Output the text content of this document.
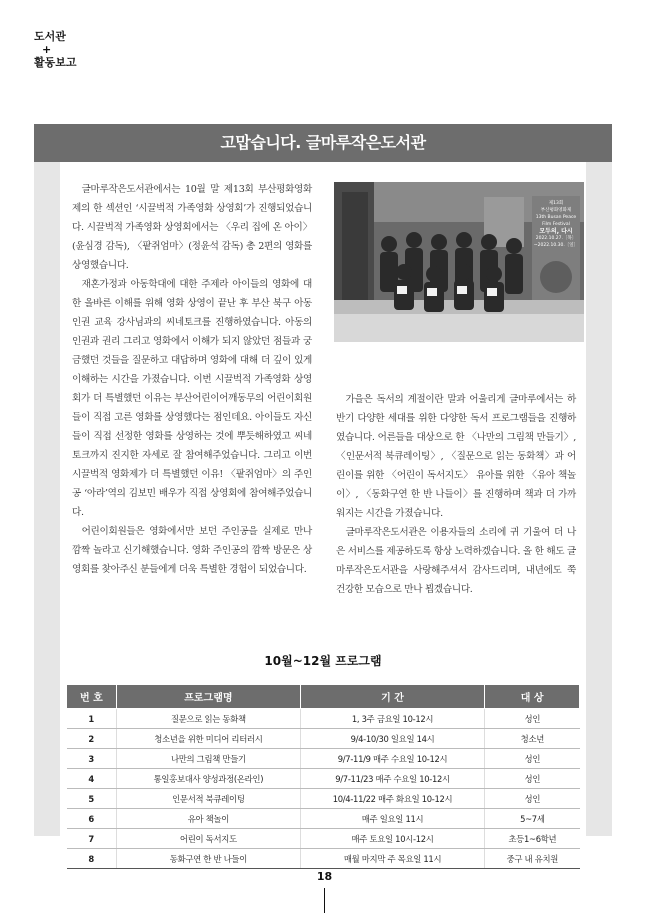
도서관
+
활동보고
고맙습니다. 글마루작은도서관

글마루작은도서관에서는 10월 말 제13회 부산평화영화제의 한 섹션인 ‘시끌벅적 가족영화 상영회’가 진행되었습니다. 시끌벅적 가족영화 상영회에서는 〈우리 집에 온 아이〉(윤심경 감독), 〈팥쥐엄마〉(정윤석 감독) 총 2편의 영화를 상영했습니다.

재혼가정과 아동학대에 대한 주제라 아이들의 영화에 대한 올바른 이해를 위해 영화 상영이 끝난 후 부산 북구 아동 인권 교육 강사님과의 씨네토크를 진행하였습니다. 아동의 인권과 권리 그리고 영화에서 이해가 되지 않았던 점들과 궁금했던 것들을 질문하고 대답하며 영화에 대해 더 깊이 있게 이해하는 시간을 가졌습니다. 이번 시끌벅적 가족영화 상영회가 더 특별했던 이유는 부산어린이어깨동무의 어린이회원들이 직접 고른 영화를 상영했다는 점인데요. 아이들도 자신들이 직접 선정한 영화를 상영하는 것에 뿌듯해하였고 씨네토크까지 진지한 자세로 잘 참여해주었습니다. 그리고 이번 시끌벅적 영화제가 더 특별했던 이유! 〈팥쥐엄마〉의 주인공 ‘아라’역의 김보민 배우가 직접 상영회에 참여해주었습니다.

어린이회원들은 영화에서만 보던 주인공을 실제로 만나 깜짝 놀라고 신기해했습니다. 영화 주인공의 깜짝 방문은 상영회를 찾아주신 분들에게 더욱 특별한 경험이 되었습니다.

제13회
부산평화영화제
13th Busan Peace
Film Festival
모두의, 다시
2022.10.27.〔목〕
~2022.10.30.〔일〕

가을은 독서의 계절이란 말과 어울리게 글마루에서는 하반기 다양한 세대를 위한 다양한 독서 프로그램들을 진행하였습니다. 어른들을 대상으로 한 〈나만의 그림책 만들기〉, 〈인문서적 북큐레이팅〉, 〈질문으로 읽는 동화책〉과 어린이를 위한 〈어린이 독서지도〉 유아를 위한 〈유아 책놀이〉, 〈동화구연 한 반 나들이〉를 진행하며 책과 더 가까워지는 시간을 가졌습니다.

글마루작은도서관은 이용자들의 소리에 귀 기울여 더 나은 서비스를 제공하도록 항상 노력하겠습니다. 올 한 해도 글마루작은도서관을 사랑해주셔서 감사드리며, 내년에도 쭉 건강한 모습으로 만나 뵙겠습니다.

10월~12월 프로그램
번 호	프로그램명	기 간	대 상
1	질문으로 읽는 동화책	1, 3주 금요일 10-12시	성인
2	청소년을 위한 미디어 리터러시	9/4-10/30 일요일 14시	청소년
3	나만의 그림책 만들기	9/7-11/9 매주 수요일 10-12시	성인
4	통일홍보대사 양성과정(온라인)	9/7-11/23 매주 수요일 10-12시	성인
5	인문서적 북큐레이팅	10/4-11/22 매주 화요일 10-12시	성인
6	유아 책놀이	매주 일요일 11시	5~7세
7	어린이 독서지도	매주 토요일 10시-12시	초등1~6학년
8	동화구연 한 반 나들이	매월 마지막 주 목요일 11시	중구 내 유치원
18
